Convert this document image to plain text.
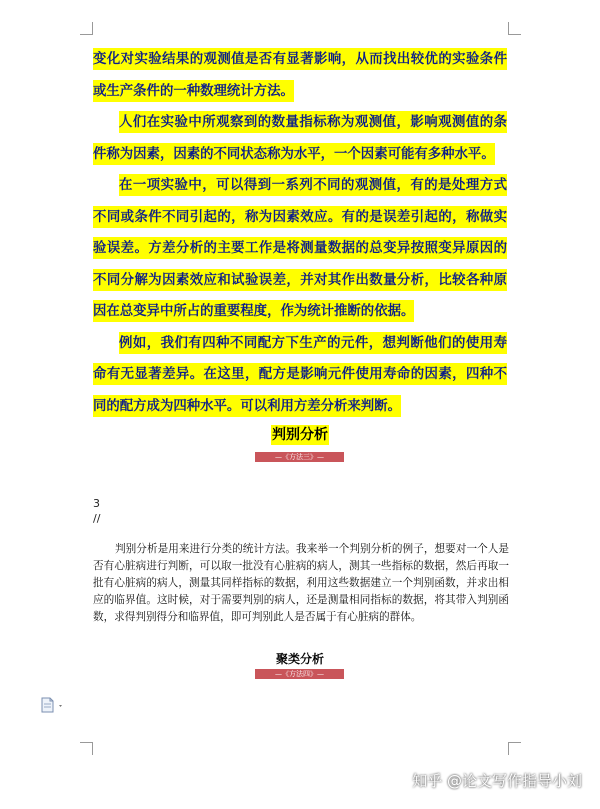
变化对实验结果的观测值是否有显著影响，从而找出较优的实验条件或生产条件的一种数理统计方法。

人们在实验中所观察到的数量指标称为观测值，影响观测值的条件称为因素，因素的不同状态称为水平，一个因素可能有多种水平。

在一项实验中，可以得到一系列不同的观测值，有的是处理方式不同或条件不同引起的，称为因素效应。有的是误差引起的，称做实验误差。方差分析的主要工作是将测量数据的总变异按照变异原因的不同分解为因素效应和试验误差，并对其作出数量分析，比较各种原因在总变异中所占的重要程度，作为统计推断的依据。

例如，我们有四种不同配方下生产的元件，想判断他们的使用寿命有无显著差异。在这里，配方是影响元件使用寿命的因素，四种不同的配方成为四种水平。可以利用方差分析来判断。

判别分析
—《方法三》—
3
//

判别分析是用来进行分类的统计方法。我来举一个判别分析的例子，想要对一个人是否有心脏病进行判断，可以取一批没有心脏病的病人，测其一些指标的数据，然后再取一批有心脏病的病人，测量其同样指标的数据，利用这些数据建立一个判别函数，并求出相应的临界值。这时候，对于需要判别的病人，还是测量相同指标的数据，将其带入判别函数，求得判别得分和临界值，即可判别此人是否属于有心脏病的群体。

聚类分析
—《方法四》—
知乎 @论文写作指导小刘
